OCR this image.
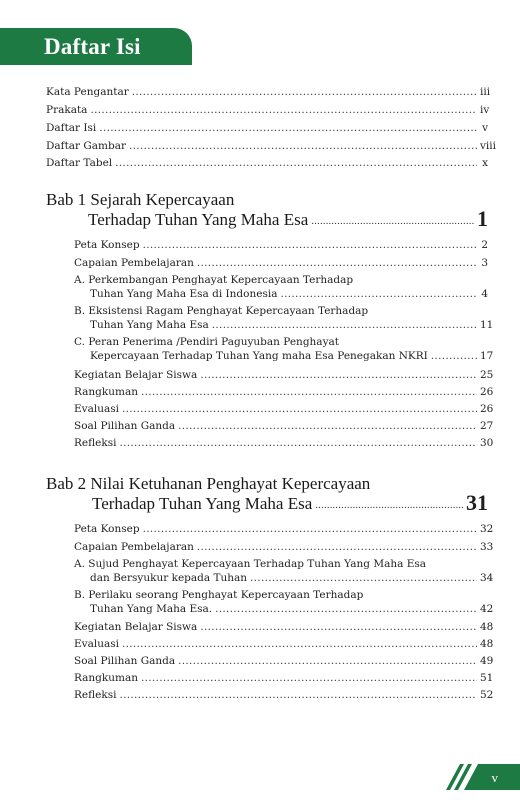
Daftar Isi
Kata Pengantar .....	iii
Prakata .....	iv
Daftar Isi .....	v
Daftar Gambar .....	viii
Daftar Tabel .....	x
Bab 1 Sejarah Kepercayaan
Terhadap Tuhan Yang Maha Esa .....	1
Peta Konsep .....	2
Capaian Pembelajaran .....	3
A. Perkembangan Penghayat Kepercayaan Terhadap
Tuhan Yang Maha Esa di Indonesia .....	4
B. Eksistensi Ragam Penghayat Kepercayaan Terhadap
Tuhan Yang Maha Esa .....	11
C. Peran Penerima /Pendiri Paguyuban Penghayat
Kepercayaan Terhadap Tuhan Yang maha Esa Penegakan NKRI .....	17
Kegiatan Belajar Siswa .....	25
Rangkuman .....	26
Evaluasi .....	26
Soal Pilihan Ganda .....	27
Refleksi .....	30
Bab 2 Nilai Ketuhanan Penghayat Kepercayaan
Terhadap Tuhan Yang Maha Esa .....	31
Peta Konsep .....	32
Capaian Pembelajaran .....	33
A. Sujud Penghayat Kepercayaan Terhadap Tuhan Yang Maha Esa
dan Bersyukur kepada Tuhan .....	34
B. Perilaku seorang Penghayat Kepercayaan Terhadap
Tuhan Yang Maha Esa. .....	42
Kegiatan Belajar Siswa .....	48
Evaluasi .....	48
Soal Pilihan Ganda .....	49
Rangkuman .....	51
Refleksi .....	52
v
